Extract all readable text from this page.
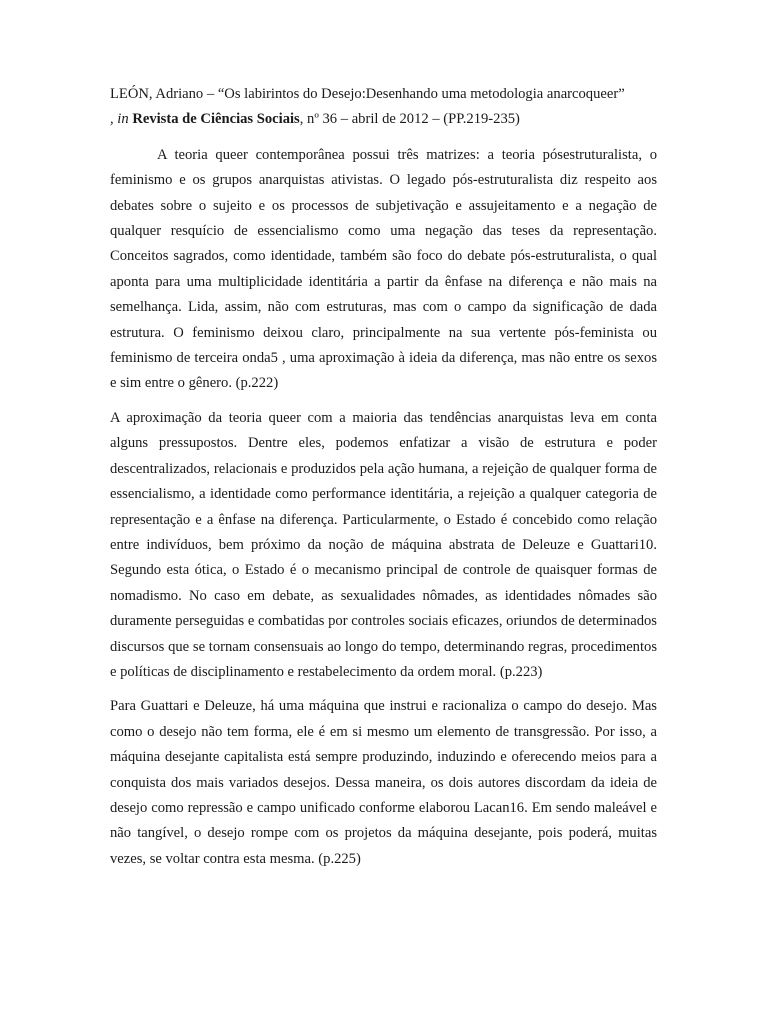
LEÓN, Adriano – “Os labirintos do Desejo:Desenhando uma metodologia anarcoqueer”
, in Revista de Ciências Sociais, nº 36 – abril de 2012 – (PP.219-235)

A teoria queer contemporânea possui três matrizes: a teoria pósestruturalista, o feminismo e os grupos anarquistas ativistas. O legado pós-estruturalista diz respeito aos debates sobre o sujeito e os processos de subjetivação e assujeitamento e a negação de qualquer resquício de essencialismo como uma negação das teses da representação. Conceitos sagrados, como identidade, também são foco do debate pós-estruturalista, o qual aponta para uma multiplicidade identitária a partir da ênfase na diferença e não mais na semelhança. Lida, assim, não com estruturas, mas com o campo da significação de dada estrutura. O feminismo deixou claro, principalmente na sua vertente pós-feminista ou feminismo de terceira onda5 , uma aproximação à ideia da diferença, mas não entre os sexos e sim entre o gênero. (p.222)

A aproximação da teoria queer com a maioria das tendências anarquistas leva em conta alguns pressupostos. Dentre eles, podemos enfatizar a visão de estrutura e poder descentralizados, relacionais e produzidos pela ação humana, a rejeição de qualquer forma de essencialismo, a identidade como performance identitária, a rejeição a qualquer categoria de representação e a ênfase na diferença. Particularmente, o Estado é concebido como relação entre indivíduos, bem próximo da noção de máquina abstrata de Deleuze e Guattari10. Segundo esta ótica, o Estado é o mecanismo principal de controle de quaisquer formas de nomadismo. No caso em debate, as sexualidades nômades, as identidades nômades são duramente perseguidas e combatidas por controles sociais eficazes, oriundos de determinados discursos que se tornam consensuais ao longo do tempo, determinando regras, procedimentos e políticas de disciplinamento e restabelecimento da ordem moral. (p.223)

Para Guattari e Deleuze, há uma máquina que instrui e racionaliza o campo do desejo. Mas como o desejo não tem forma, ele é em si mesmo um elemento de transgressão. Por isso, a máquina desejante capitalista está sempre produzindo, induzindo e oferecendo meios para a conquista dos mais variados desejos. Dessa maneira, os dois autores discordam da ideia de desejo como repressão e campo unificado conforme elaborou Lacan16. Em sendo maleável e não tangível, o desejo rompe com os projetos da máquina desejante, pois poderá, muitas vezes, se voltar contra esta mesma. (p.225)
